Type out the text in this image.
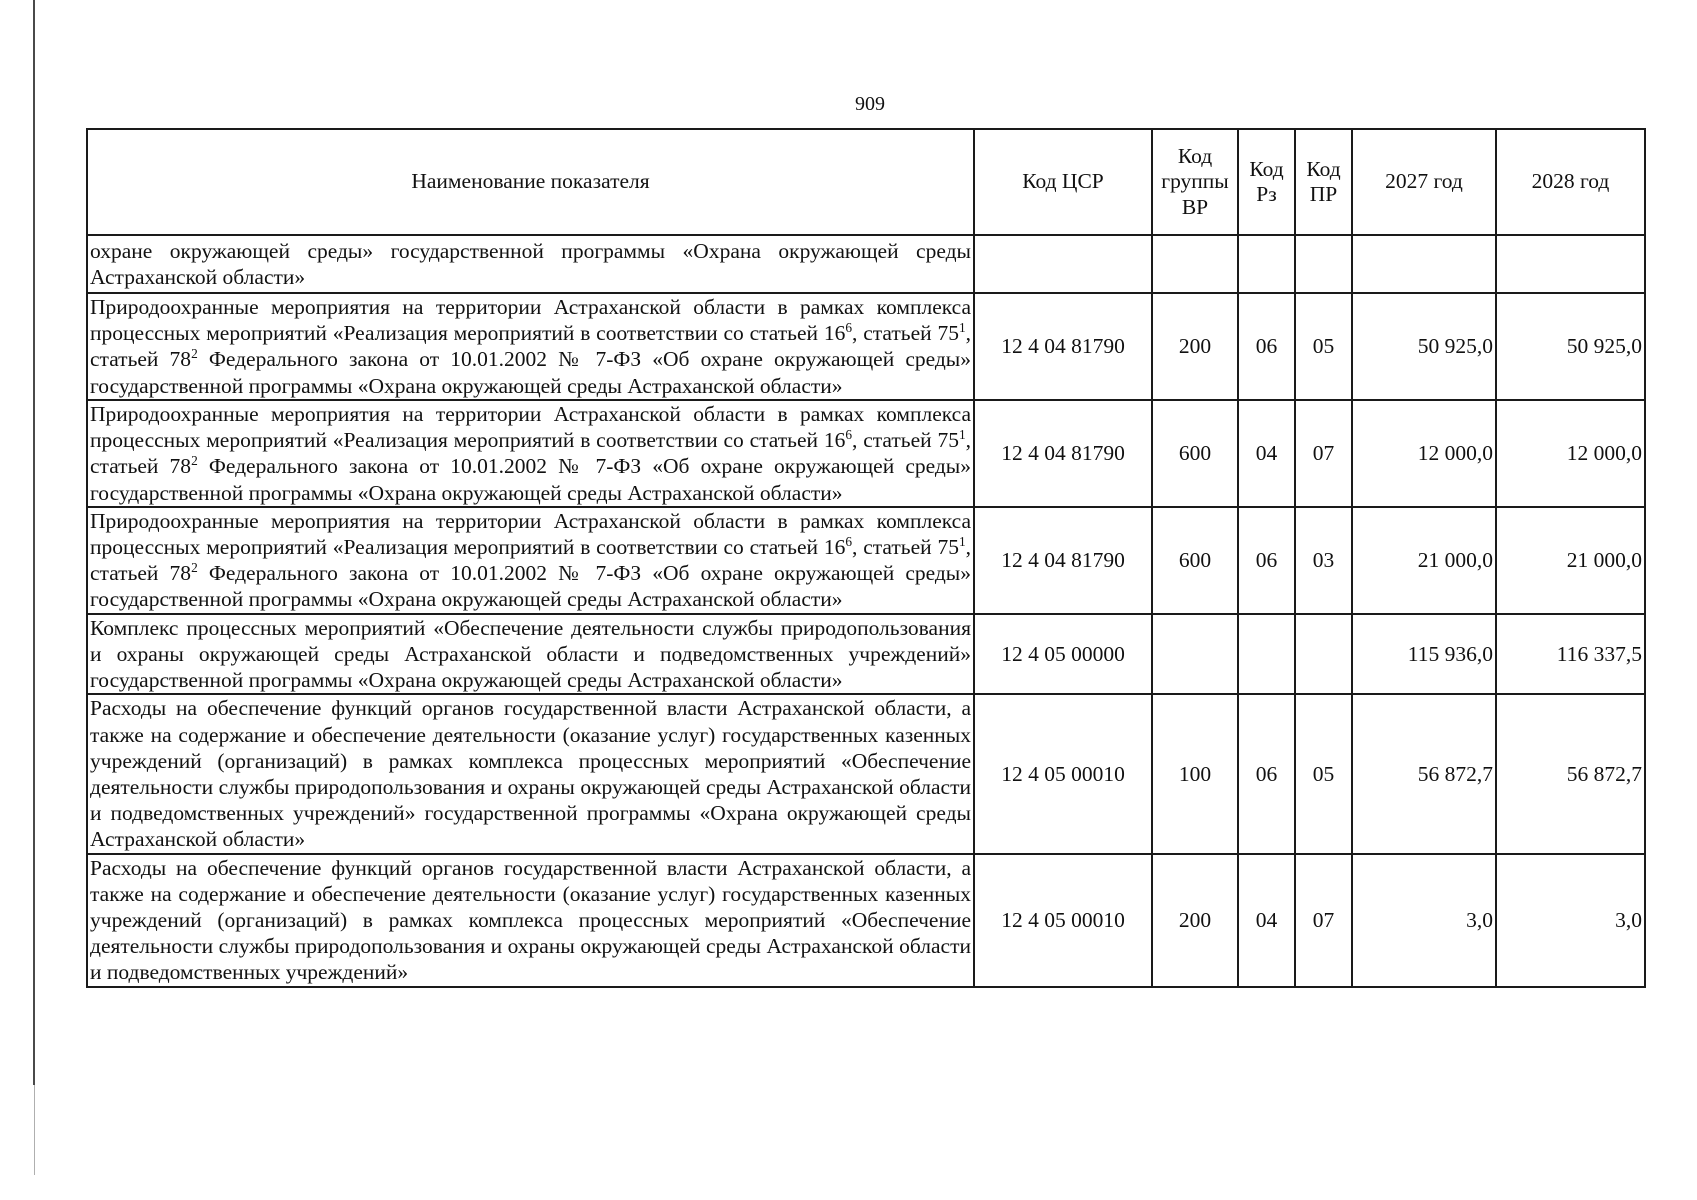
909
Наименование показателя	Код ЦСР	Код группы ВР	Код Рз	Код ПР	2027 год	2028 год
охране окружающей среды» государственной программы «Охрана окружающей среды Астраханской области»						
Природоохранные мероприятия на территории Астраханской области в рамках комплекса процессных мероприятий «Реализация мероприятий в соответствии со статьей $16^6$, статьей $75^1$, статьей $78^2$ Федерального закона от 10.01.2002 № 7-ФЗ «Об охране окружающей среды» государственной программы «Охрана окружающей среды Астраханской области»	12 4 04 81790	200	06	05	50 925,0	50 925,0
Природоохранные мероприятия на территории Астраханской области в рамках комплекса процессных мероприятий «Реализация мероприятий в соответствии со статьей $16^6$, статьей $75^1$, статьей $78^2$ Федерального закона от 10.01.2002 № 7-ФЗ «Об охране окружающей среды» государственной программы «Охрана окружающей среды Астраханской области»	12 4 04 81790	600	04	07	12 000,0	12 000,0
Природоохранные мероприятия на территории Астраханской области в рамках комплекса процессных мероприятий «Реализация мероприятий в соответствии со статьей $16^6$, статьей $75^1$, статьей $78^2$ Федерального закона от 10.01.2002 № 7-ФЗ «Об охране окружающей среды» государственной программы «Охрана окружающей среды Астраханской области»	12 4 04 81790	600	06	03	21 000,0	21 000,0
Комплекс процессных мероприятий «Обеспечение деятельности службы природопользования и охраны окружающей среды Астраханской области и подведомственных учреждений» государственной программы «Охрана окружающей среды Астраханской области»	12 4 05 00000				115 936,0	116 337,5
Расходы на обеспечение функций органов государственной власти Астраханской области, а также на содержание и обеспечение деятельности (оказание услуг) государственных казенных учреждений (организаций) в рамках комплекса процессных мероприятий «Обеспечение деятельности службы природопользования и охраны окружающей среды Астраханской области и подведомственных учреждений» государственной программы «Охрана окружающей среды Астраханской области»	12 4 05 00010	100	06	05	56 872,7	56 872,7
Расходы на обеспечение функций органов государственной власти Астраханской области, а также на содержание и обеспечение деятельности (оказание услуг) государственных казенных учреждений (организаций) в рамках комплекса процессных мероприятий «Обеспечение деятельности службы природопользования и охраны окружающей среды Астраханской области и подведомственных учреждений»	12 4 05 00010	200	04	07	3,0	3,0
